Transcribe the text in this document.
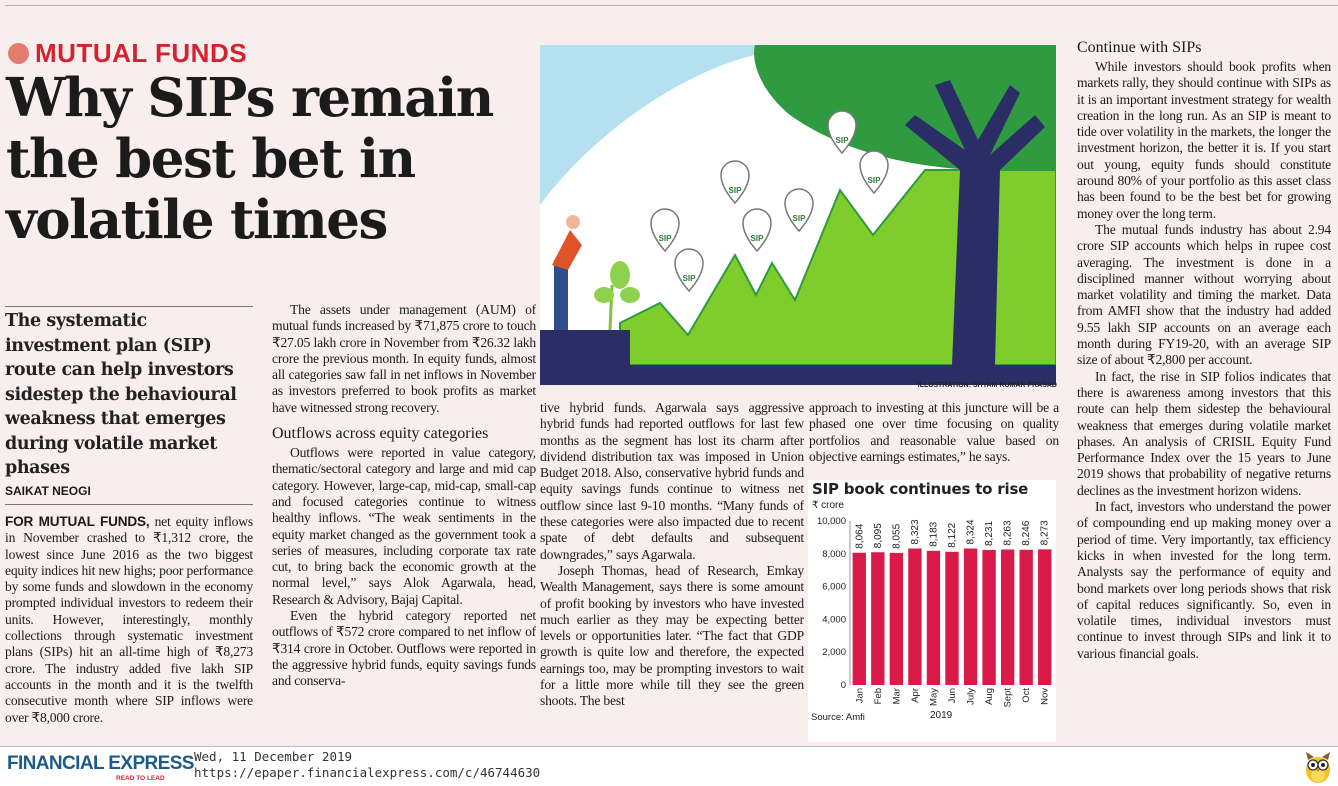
MUTUAL FUNDS
Why SIPs remain the best bet in volatile times
The systematic investment plan (SIP) route can help investors sidestep the behavioural weakness that emerges during volatile market phases
SAIKAT NEOGI

FOR MUTUAL FUNDS, net equity inflows in November crashed to ₹1,312 crore, the lowest since June 2016 as the two biggest equity indices hit new highs; poor performance by some funds and slowdown in the economy prompted individual investors to redeem their units. However, interestingly, monthly collections through systematic investment plans (SIPs) hit an all-time high of ₹8,273 crore. The industry added five lakh SIP accounts in the month and it is the twelfth consecutive month where SIP inflows were over ₹8,000 crore.

The assets under management (AUM) of mutual funds increased by ₹71,875 crore to touch ₹27.05 lakh crore in November from ₹26.32 lakh crore the previous month. In equity funds, almost all categories saw fall in net inflows in November as investors preferred to book profits as market have witnessed strong recovery.

Outflows across equity categories

Outflows were reported in value category, thematic/sectoral category and large and mid cap category. However, large-cap, mid-cap, small-cap and focused categories continue to witness healthy inflows. “The weak sentiments in the equity market changed as the government took a series of measures, including corporate tax rate cut, to bring back the economic growth at the normal level,” says Alok Agarwala, head, Research & Advisory, Bajaj Capital.

Even the hybrid category reported net outflows of ₹572 crore compared to net inflow of ₹314 crore in October. Outflows were reported in the aggressive hybrid funds, equity savings funds and conserva-

SIP
SIP
SIP
SIP
SIP
SIP
SIP
ILLUSTRATION: SHYAM KUMAR PRASAD

tive hybrid funds. Agarwala says aggressive hybrid funds had reported outflows for last few months as the segment has lost its charm after dividend distribution tax was imposed in Union Budget 2018. Also, conservative hybrid funds and equity savings funds continue to witness net outflow since last 9-10 months. “Many funds of these categories were also impacted due to recent spate of debt defaults and subsequent downgrades,” says Agarwala.

Joseph Thomas, head of Research, Emkay Wealth Management, says there is some amount of profit booking by investors who have invested much earlier as they may be expecting better levels or opportunities later. “The fact that GDP growth is quite low and therefore, the expected earnings too, may be prompting investors to wait for a little more while till they see the green shoots. The best

approach to investing at this juncture will be a phased one over time focusing on quality portfolios and reasonable value based on objective earnings estimates,” he says.

SIP book continues to rise
₹ crore
0
2,000
4,000
6,000
8,000
10,000
8,064
Jan
8,095
Feb
8,055
Mar
8,323
Apr
8,183
May
8,122
Jun
8,324
July
8,231
Aug
8,263
Sept
8,246
Oct
8,273
Nov
Source: Amfi	2019
Continue with SIPs

While investors should book profits when markets rally, they should continue with SIPs as it is an important investment strategy for wealth creation in the long run. As an SIP is meant to tide over volatility in the markets, the longer the investment horizon, the better it is. If you start out young, equity funds should constitute around 80% of your portfolio as this asset class has been found to be the best bet for growing money over the long term.

The mutual funds industry has about 2.94 crore SIP accounts which helps in rupee cost averaging. The investment is done in a disciplined manner without worrying about market volatility and timing the market. Data from AMFI show that the industry had added 9.55 lakh SIP accounts on an average each month during FY19-20, with an average SIP size of about ₹2,800 per account.

In fact, the rise in SIP folios indicates that there is awareness among investors that this route can help them sidestep the behavioural weakness that emerges during volatile market phases. An analysis of CRISIL Equity Fund Performance Index over the 15 years to June 2019 shows that probability of negative returns declines as the investment horizon widens.

In fact, investors who understand the power of compounding end up making money over a period of time. Very importantly, tax efficiency kicks in when invested for the long term. Analysts say the performance of equity and bond markets over long periods shows that risk of capital reduces significantly. So, even in volatile times, individual investors must continue to invest through SIPs and link it to various financial goals.

FINANCIAL EXPRESS
READ TO LEAD
Wed, 11 December 2019
https://epaper.financialexpress.com/c/46744630
